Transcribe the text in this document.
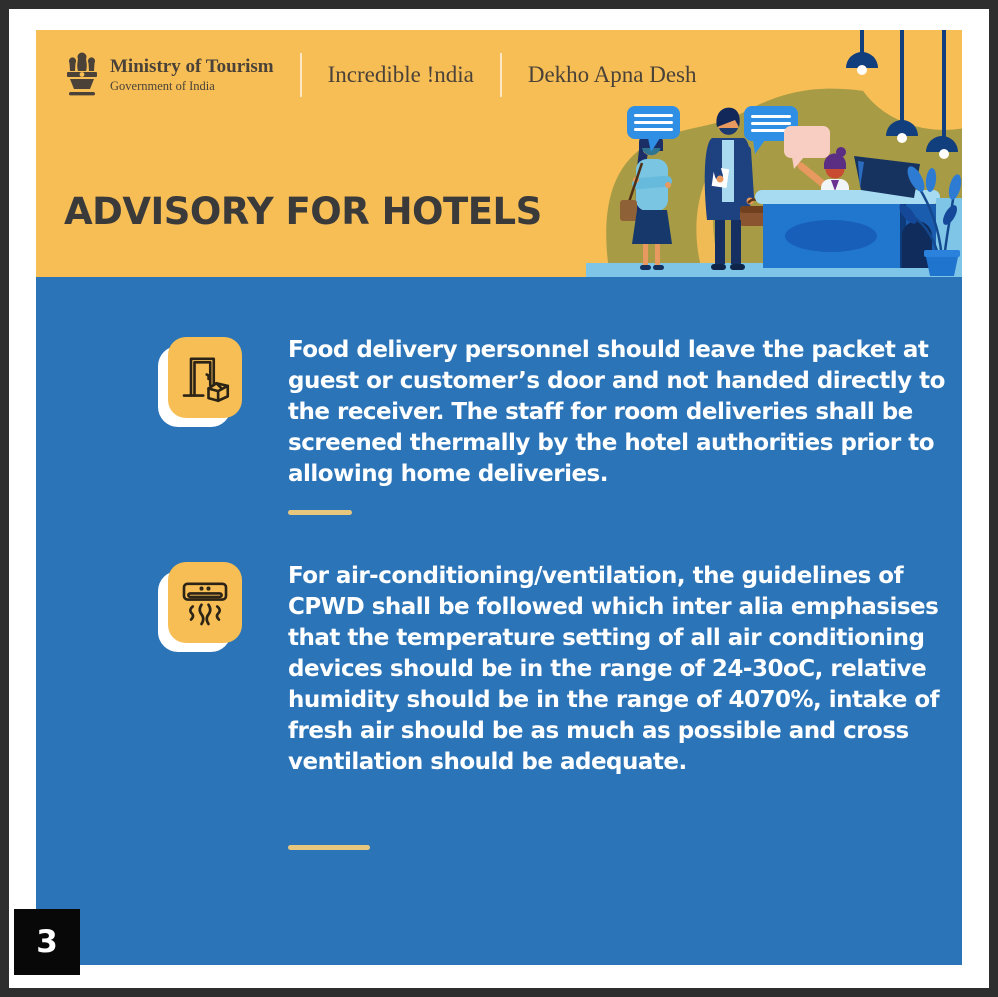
Ministry of Tourism
Government of India	Incredible !ndia Dekho Apna Desh
ADVISORY FOR HOTELS
Food delivery personnel should leave the packet at guest or customer’s door and not handed directly to the receiver. The staff for room deliveries shall be screened thermally by the hotel authorities prior to allowing home deliveries.
For air-conditioning/ventilation, the guidelines of CPWD shall be followed which inter alia emphasises that the temperature setting of all air conditioning devices should be in the range of 24-30oC, relative humidity should be in the range of 4070%, intake of fresh air should be as much as possible and cross ventilation should be adequate.
3
